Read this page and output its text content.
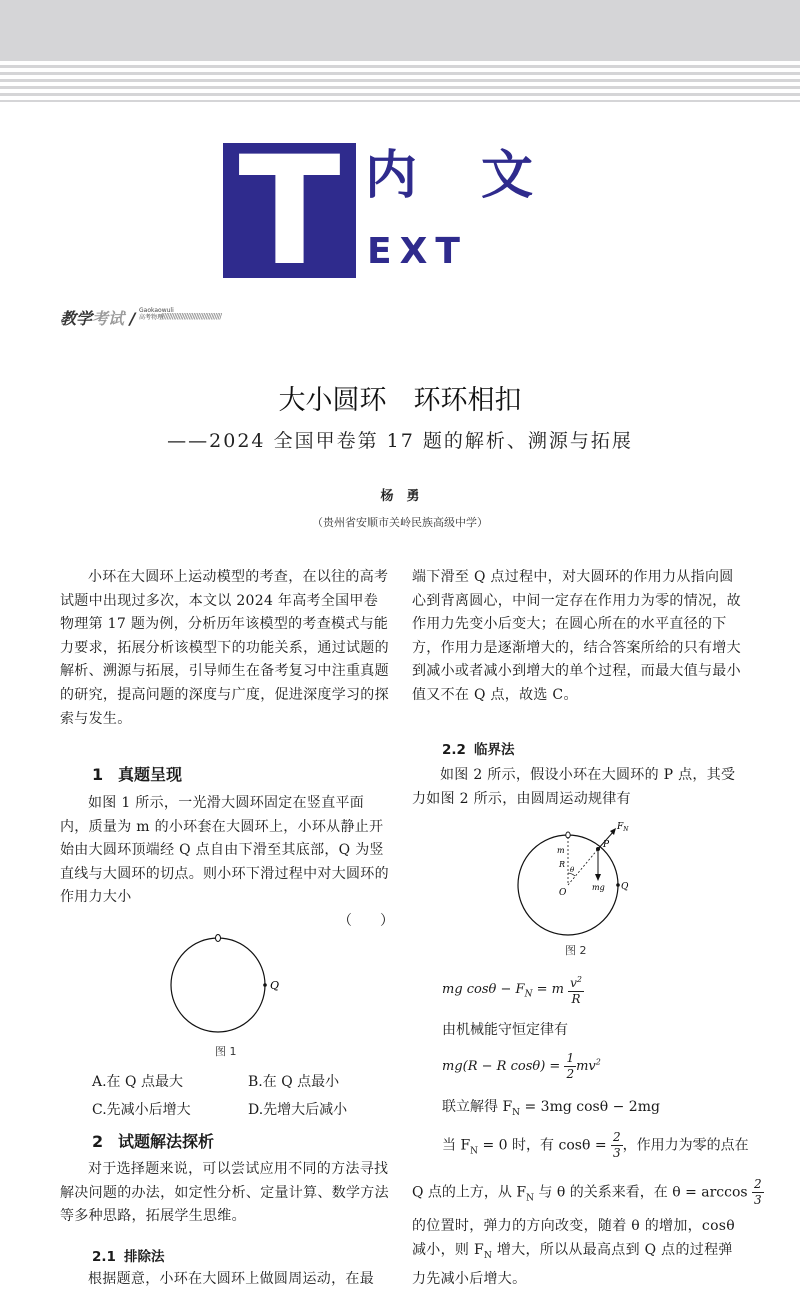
T 内文
EXT
教学考试 / Gaokaowuli
高考物理
////////////////////////////////////
大小圆环　环环相扣
——2024 全国甲卷第 17 题的解析、溯源与拓展
杨　勇
（贵州省安顺市关岭民族高级中学）

小环在大圆环上运动模型的考查，在以往的高考试题中出现过多次，本文以 2024 年高考全国甲卷物理第 17 题为例，分析历年该模型的考查模式与能力要求，拓展分析该模型下的功能关系，通过试题的解析、溯源与拓展，引导师生在备考复习中注重真题的研究，提高问题的深度与广度，促进深度学习的探索与发生。

1 真题呈现

如图 1 所示，一光滑大圆环固定在竖直平面内，质量为 m 的小环套在大圆环上，小环从静止开始由大圆环顶端经 Q 点自由下滑至其底部，Q 为竖直线与大圆环的切点。则小环下滑过程中对大圆环的作用力大小

（　　）
Q
图 1
A.在 Q 点最大	B.在 Q 点最小
C.先减小后增大	D.先增大后减小
2 试题解法探析

对于选择题来说，可以尝试应用不同的方法寻找解决问题的办法，如定性分析、定量计算、数学方法等多种思路，拓展学生思维。

2.1 排除法

根据题意，小环在大圆环上做圆周运动，在最

端下滑至 Q 点过程中，对大圆环的作用力从指向圆心到背离圆心，中间一定存在作用力为零的情况，故作用力先变小后变大；在圆心所在的水平直径的下方，作用力是逐渐增大的，结合答案所给的只有增大到减小或者减小到增大的单个过程，而最大值与最小值又不在 Q 点，故选 C。

2.2 临界法

如图 2 所示，假设小环在大圆环的 P 点，其受力如图 2 所示，由圆周运动规律有

$F_N$
P
m
R
θ
O
mg Q
图 2
mg $\cos\theta - F_N = m \frac{v^2}{R}$
由机械能守恒定律有
mg(R − R $\cos\theta) = \frac{1}{2} mv^2$
联立解得 $F_N = 3mg$ cosθ − 2mg
当 $F_N = 0$ 时，有 $\cos\theta = \frac{2}{3}$ ，作用力为零的点在
Q 点的上方，从 $F_N$ 与 θ 的关系来看，在 $\theta = \arccos \frac{2}{3}$

的位置时，弹力的方向改变，随着 θ 的增加，cosθ 减小，则 $F_N$ 增大，所以从最高点到 Q 点的过程弹力先减小后增大。
